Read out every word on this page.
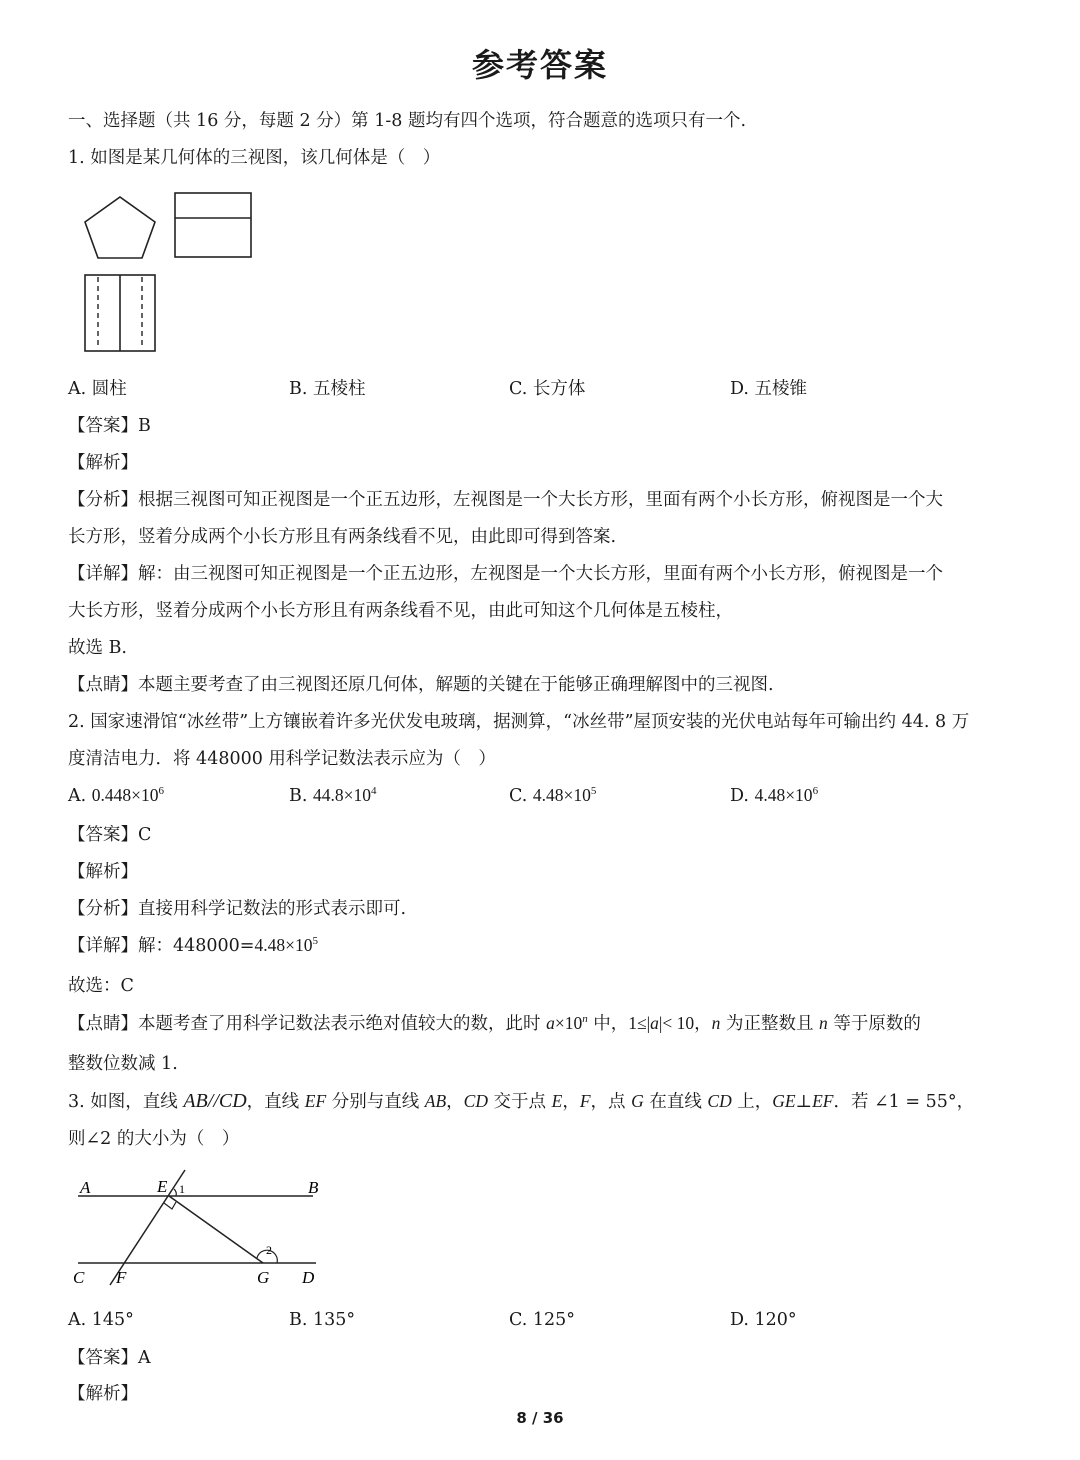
参考答案
一、选择题（共 16 分，每题 2 分）第 1-8 题均有四个选项，符合题意的选项只有一个.
1. 如图是某几何体的三视图，该几何体是（　）
A. 圆柱	B. 五棱柱	C. 长方体	D. 五棱锥
【答案】B
【解析】
【分析】根据三视图可知正视图是一个正五边形，左视图是一个大长方形，里面有两个小长方形，俯视图是一个大
长方形，竖着分成两个小长方形且有两条线看不见，由此即可得到答案.
【详解】解：由三视图可知正视图是一个正五边形，左视图是一个大长方形，里面有两个小长方形，俯视图是一个
大长方形，竖着分成两个小长方形且有两条线看不见，由此可知这个几何体是五棱柱，
故选 B.
【点睛】本题主要考查了由三视图还原几何体，解题的关键在于能够正确理解图中的三视图.
2. 国家速滑馆“冰丝带”上方镶嵌着许多光伏发电玻璃，据测算，“冰丝带”屋顶安装的光伏电站每年可输出约 44. 8 万
度清洁电力．将 448000 用科学记数法表示应为（　）
A. $0.448\times 10^6$	B. $44.8\times 10^4$	C. $4.48\times 10^5$	D. $4.48\times 10^6$
【答案】C
【解析】
【分析】直接用科学记数法的形式表示即可.
【详解】解：$448000=4.48\times 10^5$
故选：C
【点睛】本题考查了用科学记数法表示绝对值较大的数，此时 $a\times 10^n$ 中，1≤|a|< 10，n 为正整数且 n 等于原数的
整数位数减 1.
3. 如图，直线 AB//CD，直线 EF 分别与直线 AB，CD 交于点 E，F，点 G 在直线 CD 上，GE⊥EF．若 ∠1 = 55°，
则∠2 的大小为（　）
A	B
E 1
2
C F	G D
A. 145°	B. 135°	C. 125°	D. 120°
【答案】A
【解析】
8 / 36
